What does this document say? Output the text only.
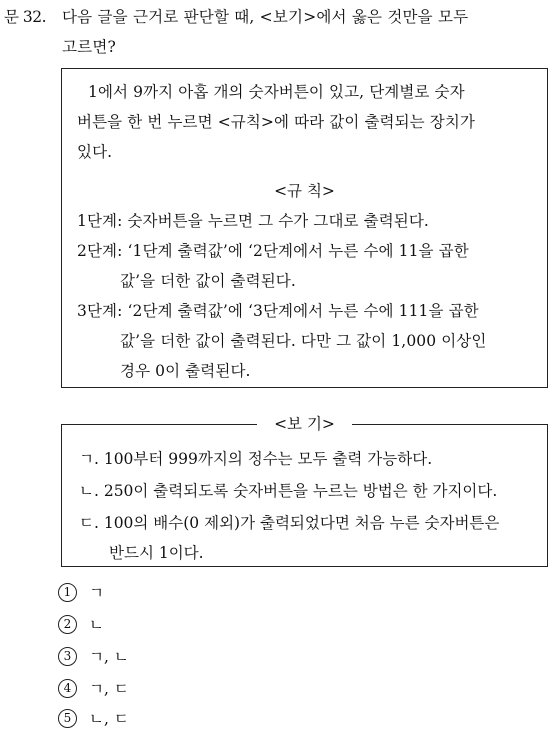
문 32. 다음 글을 근거로 판단할 때, <보기>에서 옳은 것만을 모두
고르면?
1에서 9까지 아홉 개의 숫자버튼이 있고, 단계별로 숫자
버튼을 한 번 누르면 <규칙>에 따라 값이 출력되는 장치가
있다.
<규 칙>
1단계: 숫자버튼을 누르면 그 수가 그대로 출력된다.
2단계: ‘1단계 출력값’에 ‘2단계에서 누른 수에 11을 곱한
값’을 더한 값이 출력된다.
3단계: ‘2단계 출력값’에 ‘3단계에서 누른 수에 111을 곱한
값’을 더한 값이 출력된다. 다만 그 값이 1,000 이상인
경우 0이 출력된다.
<보 기>
ㄱ. 100부터 999까지의 정수는 모두 출력 가능하다.
ㄴ. 250이 출력되도록 숫자버튼을 누르는 방법은 한 가지이다.
ㄷ. 100의 배수(0 제외)가 출력되었다면 처음 누른 숫자버튼은
반드시 1이다.
1 ㄱ
2 ㄴ
3 ㄱ, ㄴ
4 ㄱ, ㄷ
5 ㄴ, ㄷ
